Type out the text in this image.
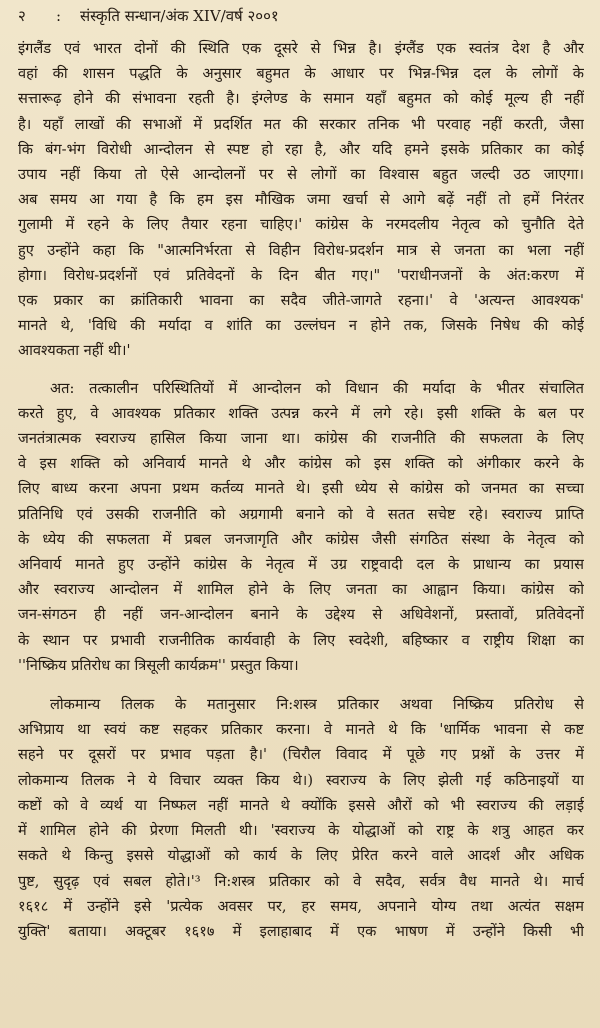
२	:	संस्कृति सन्धान/अंक XIV/वर्ष २००१
इंगलैंड एवं भारत दोनों की स्थिति एक दूसरे से भिन्न है। इंग्लैंड एक स्वतंत्र देश है और
वहां की शासन पद्धति के अनुसार बहुमत के आधार पर भिन्न-भिन्न दल के लोगों के
सत्तारूढ़ होने की संभावना रहती है। इंग्लेण्ड के समान यहाँ बहुमत को कोई मूल्य ही नहीं
है। यहाँ लाखों की सभाओं में प्रदर्शित मत की सरकार तनिक भी परवाह नहीं करती, जैसा
कि बंग-भंग विरोधी आन्दोलन से स्पष्ट हो रहा है, और यदि हमने इसके प्रतिकार का कोई
उपाय नहीं किया तो ऐसे आन्दोलनों पर से लोगों का विश्वास बहुत जल्दी उठ जाएगा।
अब समय आ गया है कि हम इस मौखिक जमा खर्चा से आगे बढ़ें नहीं तो हमें निरंतर
गुलामी में रहने के लिए तैयार रहना चाहिए।' कांग्रेस के नरमदलीय नेतृत्व को चुनौति देते
हुए उन्होंने कहा कि "आत्मनिर्भरता से विहीन विरोध-प्रदर्शन मात्र से जनता का भला नहीं
होगा। विरोध-प्रदर्शनों एवं प्रतिवेदनों के दिन बीत गए।" 'पराधीनजनों के अंत:करण में
एक प्रकार का क्रांतिकारी भावना का सदैव जीते-जागते रहना।' वे 'अत्यन्त आवश्यक'
मानते थे, 'विधि की मर्यादा व शांति का उल्लंघन न होने तक, जिसके निषेध की कोई
आवश्यकता नहीं थी।'
अत: तत्कालीन परिस्थितियों में आन्दोलन को विधान की मर्यादा के भीतर संचालित
करते हुए, वे आवश्यक प्रतिकार शक्ति उत्पन्न करने में लगे रहे। इसी शक्ति के बल पर
जनतंत्रात्मक स्वराज्य हासिल किया जाना था। कांग्रेस की राजनीति की सफलता के लिए
वे इस शक्ति को अनिवार्य मानते थे और कांग्रेस को इस शक्ति को अंगीकार करने के
लिए बाध्य करना अपना प्रथम कर्तव्य मानते थे। इसी ध्येय से कांग्रेस को जनमत का सच्चा
प्रतिनिधि एवं उसकी राजनीति को अग्रगामी बनाने को वे सतत सचेष्ट रहे। स्वराज्य प्राप्ति
के ध्येय की सफलता में प्रबल जनजागृति और कांग्रेस जैसी संगठित संस्था के नेतृत्व को
अनिवार्य मानते हुए उन्होंने कांग्रेस के नेतृत्व में उग्र राष्ट्रवादी दल के प्राधान्य का प्रयास
और स्वराज्य आन्दोलन में शामिल होने के लिए जनता का आह्वान किया। कांग्रेस को
जन-संगठन ही नहीं जन-आन्दोलन बनाने के उद्देश्य से अधिवेशनों, प्रस्तावों, प्रतिवेदनों
के स्थान पर प्रभावी राजनीतिक कार्यवाही के लिए स्वदेशी, बहिष्कार व राष्ट्रीय शिक्षा का
''निष्क्रिय प्रतिरोध का त्रिसूली कार्यक्रम'' प्रस्तुत किया।
लोकमान्य तिलक के मतानुसार नि:शस्त्र प्रतिकार अथवा निष्क्रिय प्रतिरोध से
अभिप्राय था स्वयं कष्ट सहकर प्रतिकार करना। वे मानते थे कि 'धार्मिक भावना से कष्ट
सहने पर दूसरों पर प्रभाव पड़ता है।' (चिरौल विवाद में पूछे गए प्रश्नों के उत्तर में
लोकमान्य तिलक ने ये विचार व्यक्त किय थे।) स्वराज्य के लिए झेली गई कठिनाइयों या
कष्टों को वे व्यर्थ या निष्फल नहीं मानते थे क्योंकि इससे औरों को भी स्वराज्य की लड़ाई
में शामिल होने की प्रेरणा मिलती थी। 'स्वराज्य के योद्धाओं को राष्ट्र के शत्रु आहत कर
सकते थे किन्तु इससे योद्धाओं को कार्य के लिए प्रेरित करने वाले आदर्श और अधिक
पुष्ट, सुदृढ़ एवं सबल होते।'³ नि:शस्त्र प्रतिकार को वे सदैव, सर्वत्र वैध मानते थे। मार्च
१६१८ में उन्होंने इसे 'प्रत्येक अवसर पर, हर समय, अपनाने योग्य तथा अत्यंत सक्षम
युक्ति' बताया। अक्टूबर १६१७ में इलाहाबाद में एक भाषण में उन्होंने किसी भी
